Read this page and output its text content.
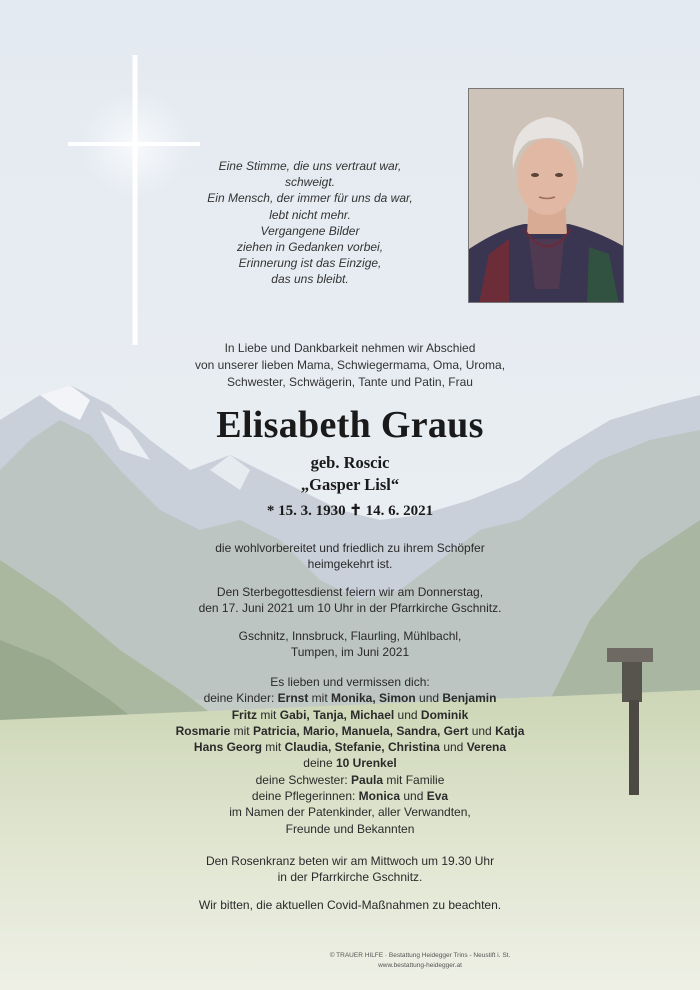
Eine Stimme, die uns vertraut war,
schweigt.
Ein Mensch, der immer für uns da war,
lebt nicht mehr.
Vergangene Bilder
ziehen in Gedanken vorbei,
Erinnerung ist das Einzige,
das uns bleibt.
In Liebe und Dankbarkeit nehmen wir Abschied
von unserer lieben Mama, Schwiegermama, Oma, Uroma,
Schwester, Schwägerin, Tante und Patin, Frau
Elisabeth Graus
geb. Roscic
„Gasper Lisl“
* 15. 3. 1930 ✝ 14. 6. 2021
die wohlvorbereitet und friedlich zu ihrem Schöpfer
heimgekehrt ist.
Den Sterbegottesdienst feiern wir am Donnerstag,
den 17. Juni 2021 um 10 Uhr in der Pfarrkirche Gschnitz.
Gschnitz, Innsbruck, Flaurling, Mühlbachl,
Tumpen, im Juni 2021
Es lieben und vermissen dich:
deine Kinder: Ernst mit Monika, Simon und Benjamin
Fritz mit Gabi, Tanja, Michael und Dominik
Rosmarie mit Patricia, Mario, Manuela, Sandra, Gert und Katja
Hans Georg mit Claudia, Stefanie, Christina und Verena
deine 10 Urenkel
deine Schwester: Paula mit Familie
deine Pflegerinnen: Monica und Eva
im Namen der Patenkinder, aller Verwandten,
Freunde und Bekannten
Den Rosenkranz beten wir am Mittwoch um 19.30 Uhr
in der Pfarrkirche Gschnitz.
Wir bitten, die aktuellen Covid-Maßnahmen zu beachten.
© TRAUER HILFE · Bestattung Heidegger Trins - Neustift i. St.
www.bestattung-heidegger.at
